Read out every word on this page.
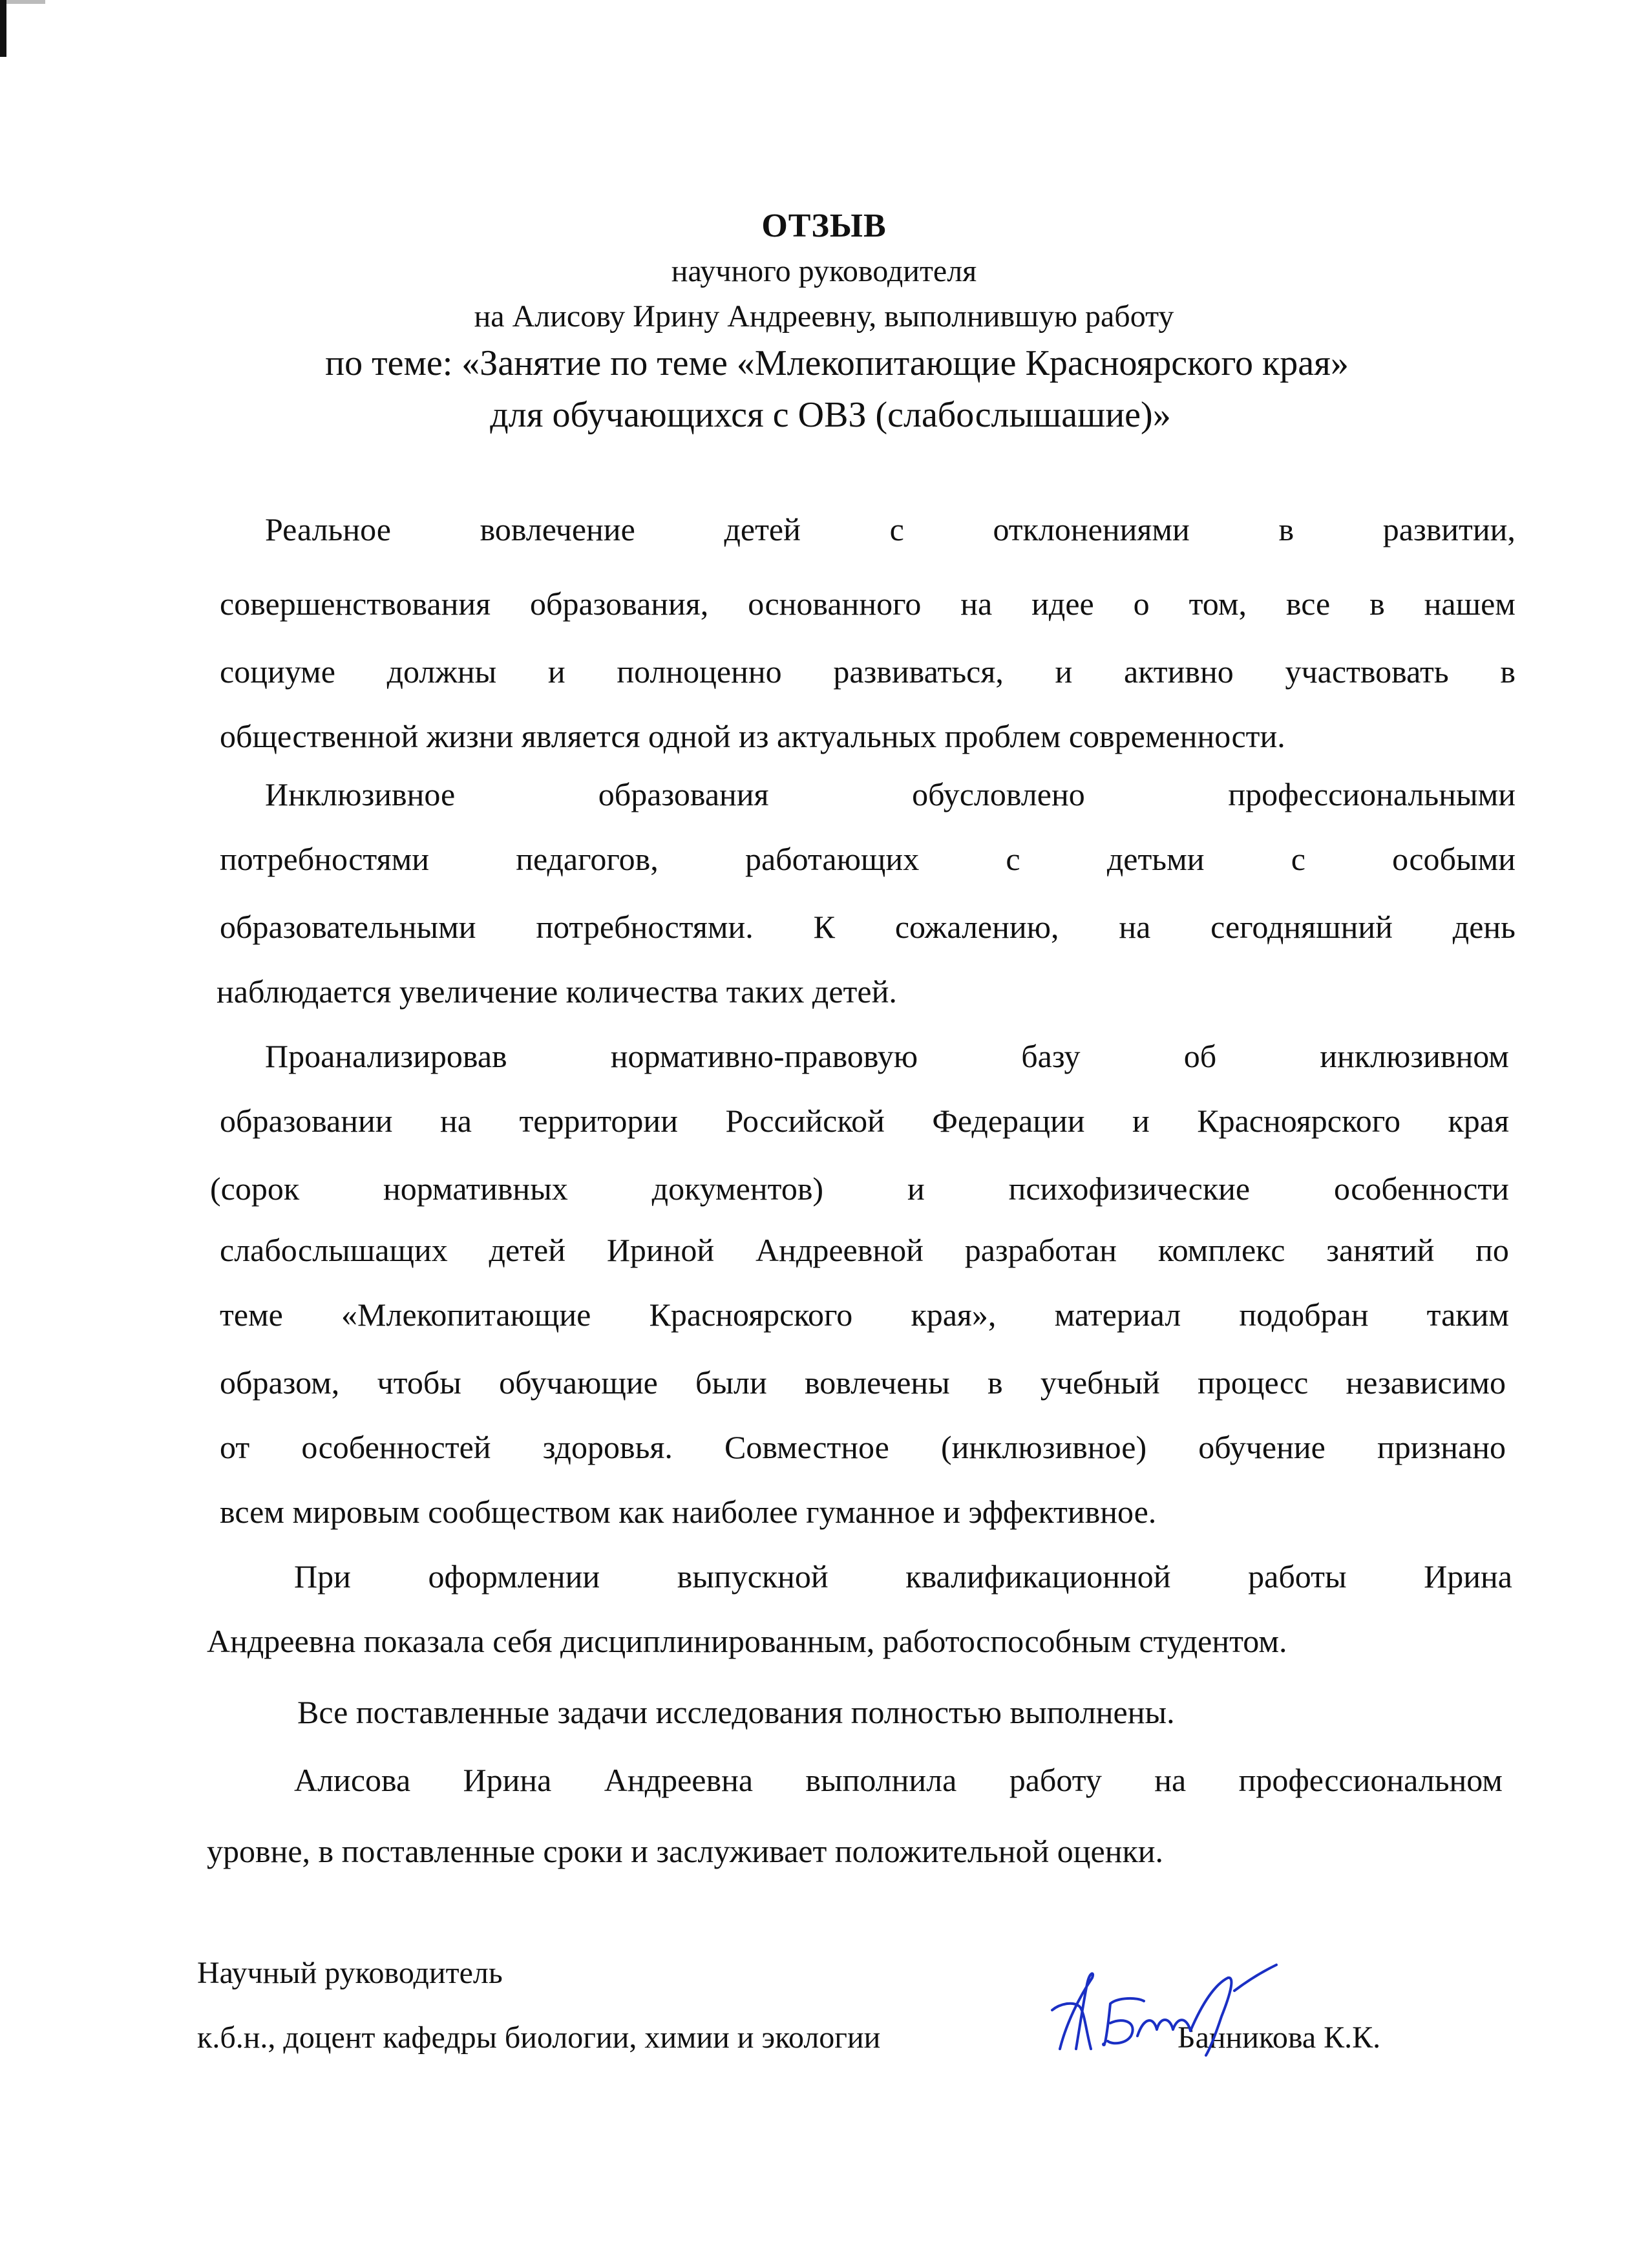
ОТЗЫВ
научного руководителя
на Алисову Ирину Андреевну, выполнившую работу
по теме: «Занятие по теме «Млекопитающие Красноярского края»
для обучающихся с ОВЗ (слабослышашие)»
Реальное	вовлечение	детей	с	отклонениями	в	развитии,
совершенствования образования, основанного на идее о том, все в нашем
социуме должны и полноценно развиваться, и активно участвовать в
общественной жизни является одной из актуальных проблем современности.
Инклюзивное	образования	обусловлено	профессиональными
потребностями	педагогов,	работающих	с	детьми	с	особыми
образовательными потребностями. К сожалению, на сегодняшний день
наблюдается увеличение количества таких детей.
Проанализировав	нормативно-правовую	базу	об	инклюзивном
образовании на территории Российской Федерации и Красноярского края
(сорок	нормативных	документов)	и	психофизические	особенности
слабослышащих детей Ириной Андреевной разработан комплекс занятий по
теме «Млекопитающие Красноярского края», материал подобран таким
образом, чтобы обучающие были вовлечены в учебный процесс независимо
от особенностей здоровья. Совместное (инклюзивное) обучение признано
всем мировым сообществом как наиболее гуманное и эффективное.
При оформлении выпускной квалификационной работы Ирина
Андреевна показала себя дисциплинированным, работоспособным студентом.
Все поставленные задачи исследования полностью выполнены.
Алисова Ирина Андреевна выполнила работу на профессиональном
уровне, в поставленные сроки и заслуживает положительной оценки.
Научный руководитель
к.б.н., доцент кафедры биологии, химии и экологии	Банникова К.К.
